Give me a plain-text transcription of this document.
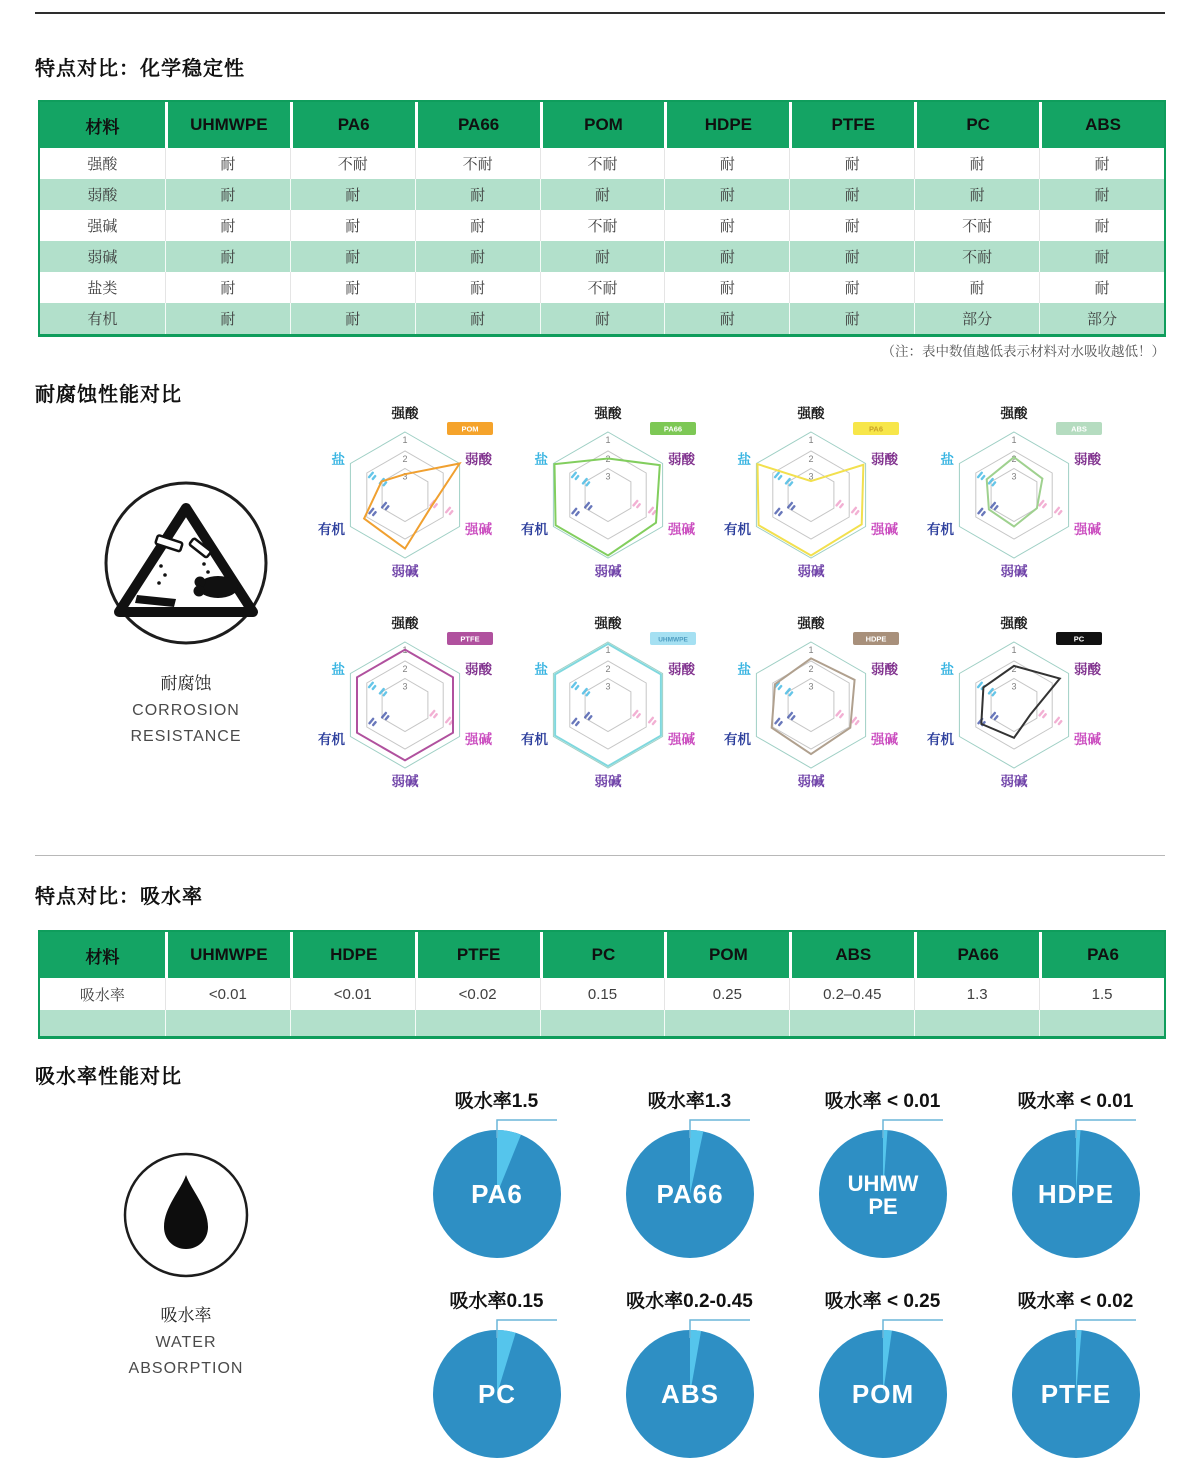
特点对比：化学稳定性
材料	UHMWPE	PA6	PA66	POM	HDPE	PTFE	PC	ABS
强酸	耐	不耐	不耐	不耐	耐	耐	耐	耐
弱酸	耐	耐	耐	耐	耐	耐	耐	耐
强碱	耐	耐	耐	不耐	耐	耐	不耐	耐
弱碱	耐	耐	耐	耐	耐	耐	不耐	耐
盐类	耐	耐	耐	不耐	耐	耐	耐	耐
有机	耐	耐	耐	耐	耐	耐	部分	部分
（注：表中数值越低表示材料对水吸收越低！）
耐腐蚀性能对比
耐腐蚀
CORROSION
RESISTANCE
1
2
3
强酸
弱酸
强碱
弱碱
有机
盐
POM
1
2
3
强酸
弱酸
强碱
弱碱
有机
盐
PA66
1
2
3
强酸
弱酸
强碱
弱碱
有机
盐
PA6
1
2
3
强酸
弱酸
强碱
弱碱
有机
盐
ABS
1
2
3
强酸
弱酸
强碱
弱碱
有机
盐
PTFE
1
2
3
强酸
弱酸
强碱
弱碱
有机
盐
UHMWPE
1
2
3
强酸
弱酸
强碱
弱碱
有机
盐
HDPE
1
2
3
强酸
弱酸
强碱
弱碱
有机
盐
PC
特点对比：吸水率
材料	UHMWPE	HDPE	PTFE	PC	POM	ABS	PA66	PA6
吸水率	<0.01	<0.01	<0.02	0.15	0.25	0.2–0.45	1.3	1.5
吸水率性能对比
吸水率
WATER
ABSORPTION
吸水率1.5
PA6
吸水率1.3
PA66
吸水率 < 0.01
UHMW
PE
吸水率 < 0.01
HDPE
吸水率0.15
PC
吸水率0.2-0.45
ABS
吸水率 < 0.25
POM
吸水率 < 0.02
PTFE
